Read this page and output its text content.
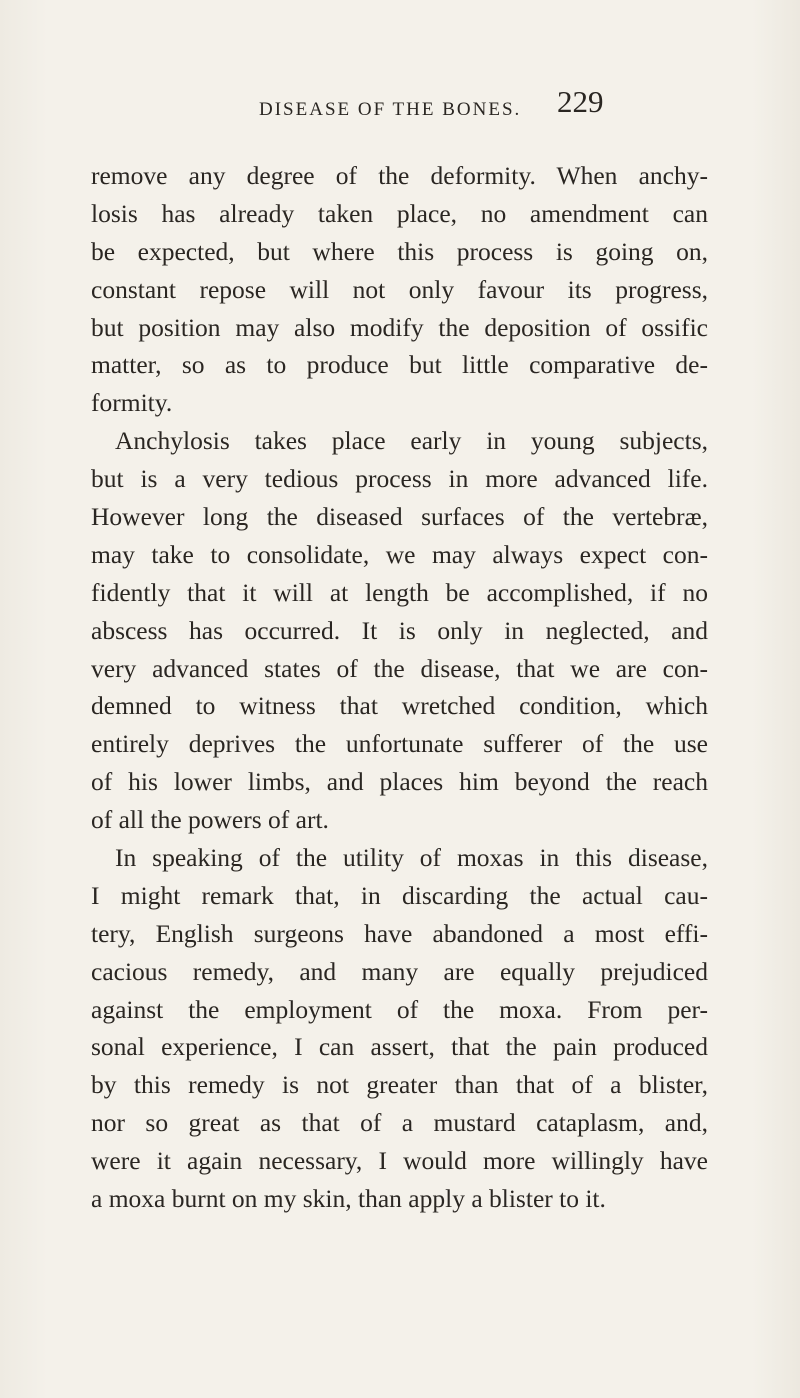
DISEASE OF THE BONES. 229
remove any degree of the deformity. When anchy-
losis has already taken place, no amendment can
be expected, but where this process is going on,
constant repose will not only favour its progress,
but position may also modify the deposition of ossific
matter, so as to produce but little comparative de-
formity.
Anchylosis takes place early in young subjects,
but is a very tedious process in more advanced life.
However long the diseased surfaces of the vertebræ,
may take to consolidate, we may always expect con-
fidently that it will at length be accomplished, if no
abscess has occurred. It is only in neglected, and
very advanced states of the disease, that we are con-
demned to witness that wretched condition, which
entirely deprives the unfortunate sufferer of the use
of his lower limbs, and places him beyond the reach
of all the powers of art.
In speaking of the utility of moxas in this disease,
I might remark that, in discarding the actual cau-
tery, English surgeons have abandoned a most effi-
cacious remedy, and many are equally prejudiced
against the employment of the moxa. From per-
sonal experience, I can assert, that the pain produced
by this remedy is not greater than that of a blister,
nor so great as that of a mustard cataplasm, and,
were it again necessary, I would more willingly have
a moxa burnt on my skin, than apply a blister to it.
